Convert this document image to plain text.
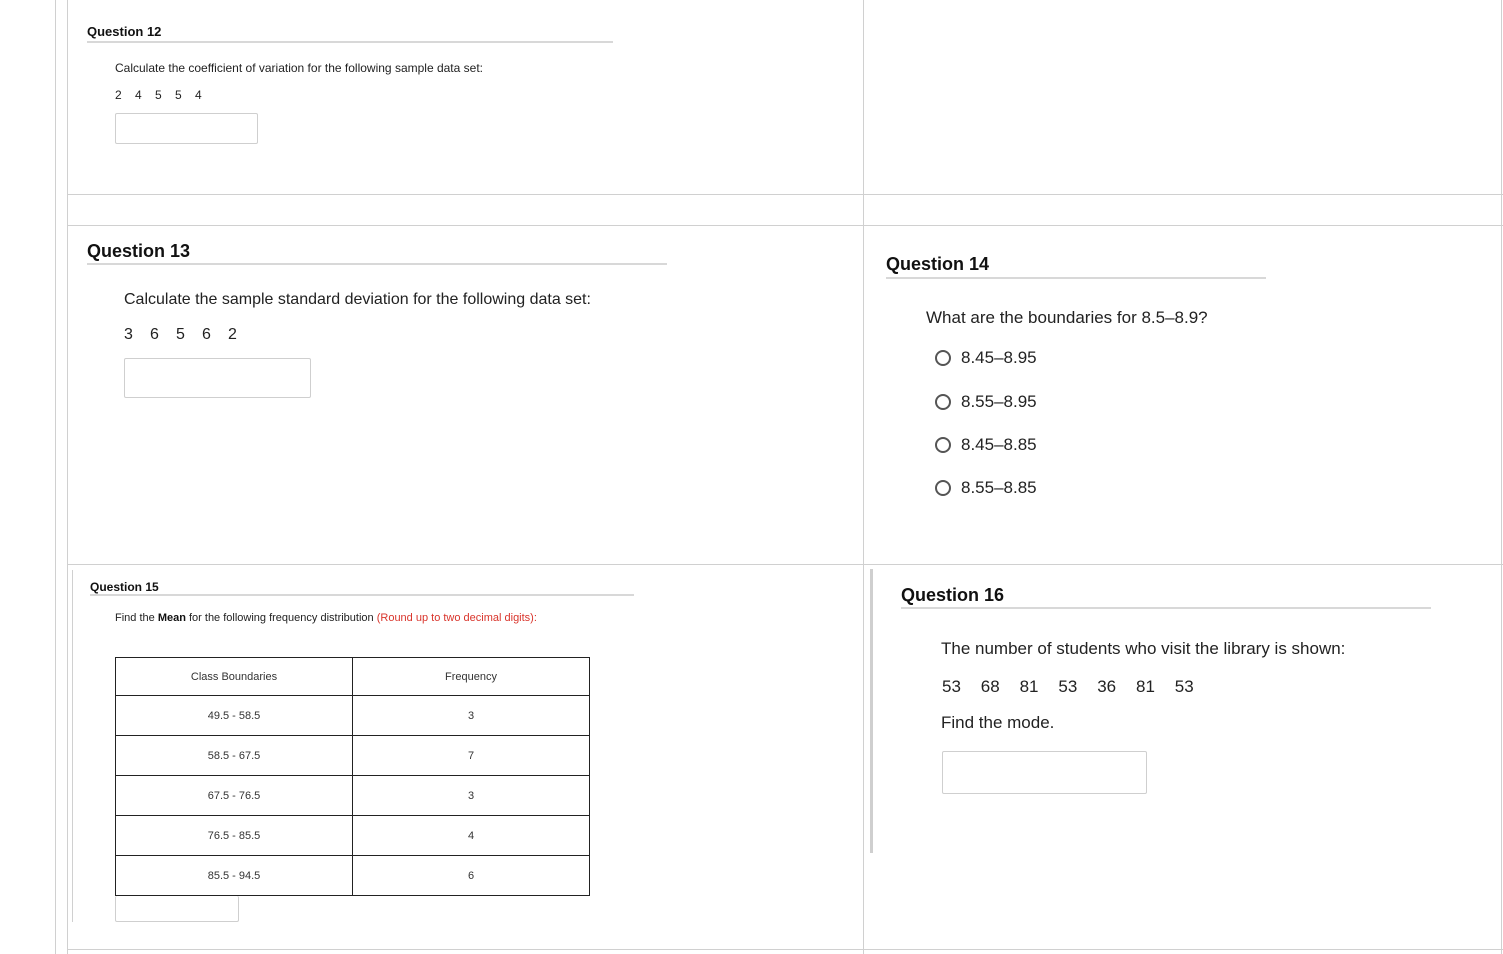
Question 12
Calculate the coefficient of variation for the following sample data set:
2 4 5 5 4
Question 13
Calculate the sample standard deviation for the following data set:
3 6 5 6 2
Question 14
What are the boundaries for 8.5–8.9?
8.45–8.95
8.55–8.95
8.45–8.85
8.55–8.85
Question 15
Find the Mean for the following frequency distribution (Round up to two decimal digits):
Class Boundaries	Frequency
49.5 - 58.5	3
58.5 - 67.5	7
67.5 - 76.5	3
76.5 - 85.5	4
85.5 - 94.5	6
Question 16
The number of students who visit the library is shown:
53 68 81 53 36 81 53
Find the mode.
